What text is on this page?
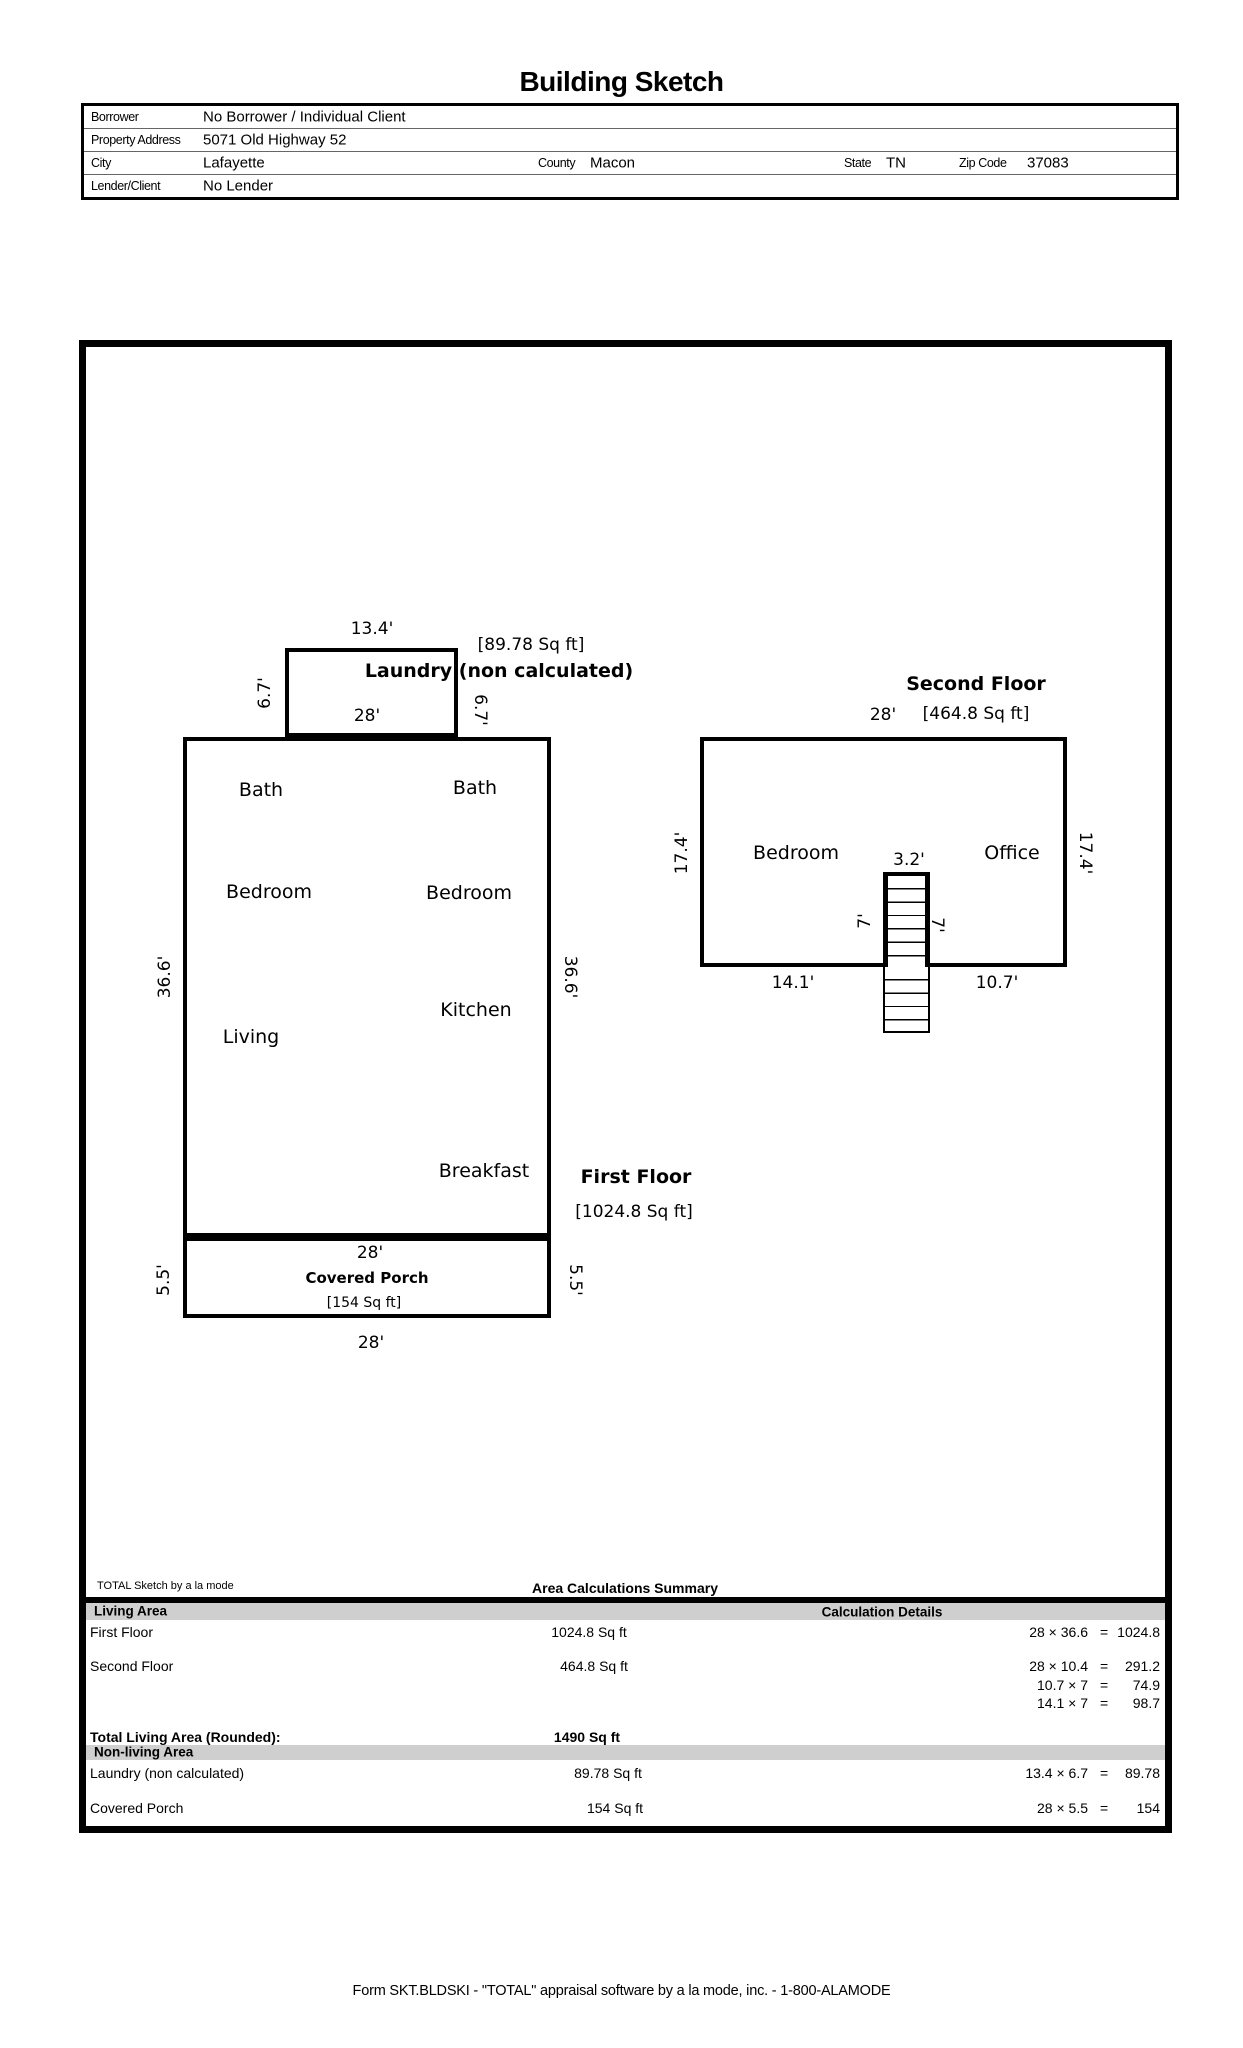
Building Sketch
Borrower	No Borrower / Individual Client
Property Address 5071 Old Highway 52
City	Lafayette	County Macon	State TN	Zip Code 37083
Lender/Client	No Lender
13.4'
[89.78 Sq ft]
Laundry (non calculated)
6.7'
6.7'
28'
Bath	Bath
Bedroom	Bedroom
Kitchen
Living
Breakfast
36.6'	36.6'
First Floor
[1024.8 Sq ft]
Second Floor
28' [464.8 Sq ft]
Bedroom	Office
17.4'	17.4'
3.2'
7'	7'
14.1'	10.7'
28'
Covered Porch
[154 Sq ft]
5.5'	5.5'
28'
TOTAL Sketch by a la mode	Area Calculations Summary
Living Area	Calculation Details
First Floor	1024.8 Sq ft	28 × 36.6 = 1024.8
Second Floor	464.8 Sq ft	28 × 10.4 = 291.2
10.7 × 7 = 74.9
14.1 × 7 = 98.7
Total Living Area (Rounded):	1490 Sq ft
Non-living Area
Laundry (non calculated)	89.78 Sq ft	13.4 × 6.7 = 89.78
Covered Porch	154 Sq ft	28 × 5.5 = 154
Form SKT.BLDSKI - "TOTAL" appraisal software by a la mode, inc. - 1-800-ALAMODE
